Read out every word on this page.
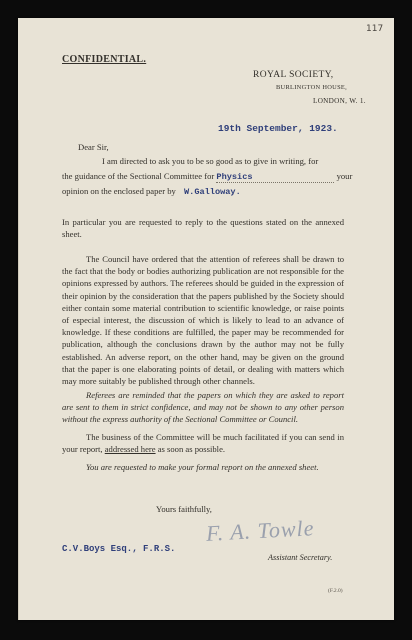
117
CONFIDENTIAL.
ROYAL SOCIETY,
BURLINGTON HOUSE,
LONDON, W. 1.
19th September, 1923.
Dear Sir,
I am directed to ask you to be so good as to give in writing, for
the guidance of the Sectional Committee for Physics	your
opinion on the enclosed paper by W.Galloway.
In particular you are requested to reply to the questions stated on the annexed sheet.
The Council have ordered that the attention of referees shall be drawn to the fact that the body or bodies authorizing publication are not responsible for the opinions expressed by authors. The referees should be guided in the expression of their opinion by the consideration that the papers published by the Society should either contain some material contribution to scientific knowledge, or raise points of especial interest, the discussion of which is likely to lead to an advance of knowledge. If these conditions are fulfilled, the paper may be recommended for publication, although the conclusions drawn by the author may not be fully established. An adverse report, on the other hand, may be given on the ground that the paper is one elaborating points of detail, or dealing with matters which may more suitably be published through other channels.
Referees are reminded that the papers on which they are asked to report are sent to them in strict confidence, and may not be shown to any other person without the express authority of the Sectional Committee or Council.
The business of the Committee will be much facilitated if you can send in your report, addressed here as soon as possible.
You are requested to make your formal report on the annexed sheet.
Yours faithfully,
F. A. Towle
C.V.Boys Esq., F.R.S.
Assistant Secretary.
(F.2.0)
